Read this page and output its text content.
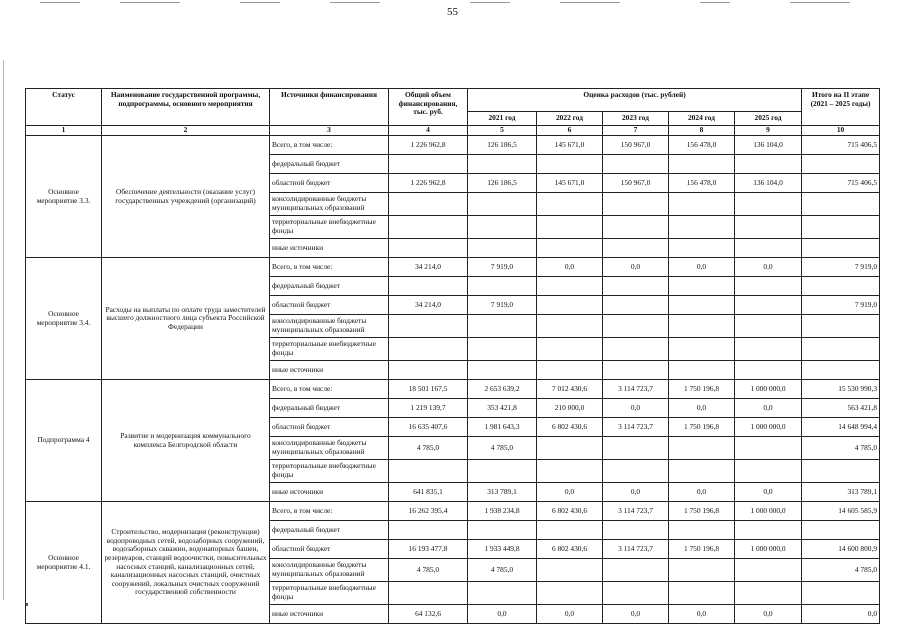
55
Статус	Наименование государственной программы, подпрограммы, основного мероприятия	Источники финансирования	Общий объем финансирования, тыс. руб.	Оценка расходов (тыс. рублей)					Итого на II этапе (2021 – 2025 годы)
				2021 год	2022 год	2023 год	2024 год	2025 год	
1	2	3	4	5	6	7	8	9	10
Основное мероприятие 3.3.	Обеспечение деятельности (оказание услуг) государственных учреждений (организаций)	Всего, в том числе:	1 226 962,8	126 186,5	145 671,0	150 967,0	156 478,0	136 104,0	715 406,5
		федеральный бюджет							
		областной бюджет	1 226 962,8	126 186,5	145 671,0	150 967,0	156 478,0	136 104,0	715 406,5
		консолидированные бюджеты муниципальных образований							
		территориальные внебюджетные фонды							
		иные источники							
Основное мероприятие 3.4.	Расходы на выплаты по оплате труда заместителей высшего должностного лица субъекта Российской Федерации	Всего, в том числе:	34 214,0	7 919,0	0,0	0,0	0,0	0,0	7 919,0
		федеральный бюджет							
		областной бюджет	34 214,0	7 919,0					7 919,0
		консолидированные бюджеты муниципальных образований							
		территориальные внебюджетные фонды							
		иные источники							
Подпрограмма 4	Развитие и модернизация коммунального комплекса Белгородской области	Всего, в том числе:	18 501 167,5	2 653 639,2	7 012 430,6	3 114 723,7	1 750 196,8	1 000 000,0	15 530 990,3
		федеральный бюджет	1 219 139,7	353 421,8	210 000,0	0,0	0,0	0,0	563 421,8
		областной бюджет	16 635 407,6	1 981 643,3	6 802 430,6	3 114 723,7	1 750 196,8	1 000 000,0	14 648 994,4
		консолидированные бюджеты муниципальных образований	4 785,0	4 785,0					4 785,0
		территориальные внебюджетные фонды							
		иные источники	641 835,1	313 789,1	0,0	0,0	0,0	0,0	313 789,1
Основное мероприятие 4.1.	Строительство, модернизация (реконструкция) водопроводных сетей, водозаборных сооружений, водозаборных скважин, водонапорных башен, резервуаров, станций водоочистки, повысительных насосных станций, канализационных сетей, канализационных насосных станций, очистных сооружений, локальных очистных сооружений государственной собственности	Всего, в том числе:	16 262 395,4	1 938 234,8	6 802 430,6	3 114 723,7	1 750 196,8	1 000 000,0	14 605 585,9
		федеральный бюджет							
		областной бюджет	16 193 477,8	1 933 449,8	6 802 430,6	3 114 723,7	1 750 196,8	1 000 000,0	14 600 800,9
		консолидированные бюджеты муниципальных образований	4 785,0	4 785,0					4 785,0
		территориальные внебюджетные фонды							
		иные источники	64 132,6	0,0	0,0	0,0	0,0	0,0	0,0
